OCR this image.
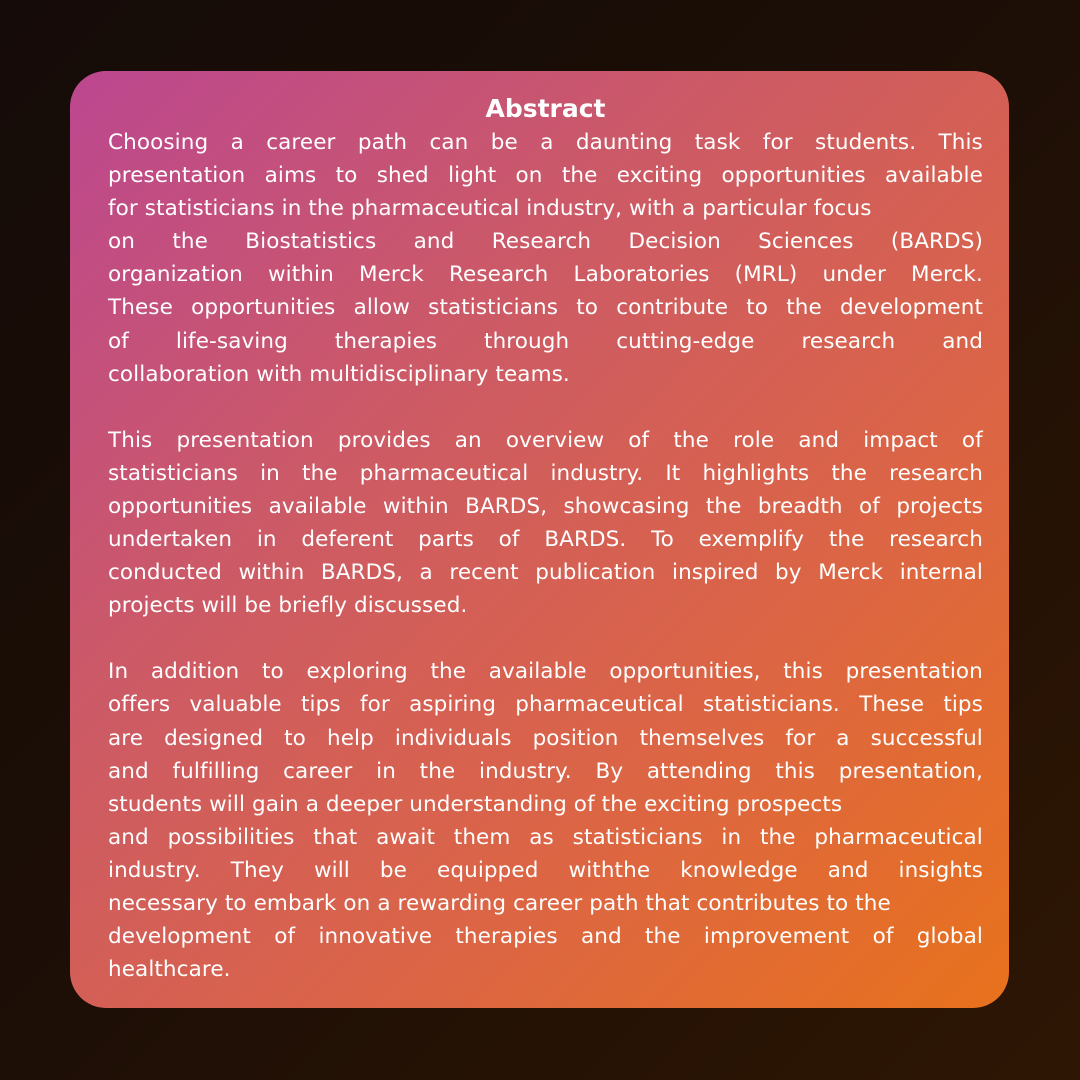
Abstract
Choosing a career path can be a daunting task for students. This
presentation aims to shed light on the exciting opportunities available
for statisticians in the pharmaceutical industry, with a particular focus
on the Biostatistics and Research Decision Sciences (BARDS)
organization within Merck Research Laboratories (MRL) under Merck.
These opportunities allow statisticians to contribute to the development
of life-saving therapies through cutting-edge research and
collaboration with multidisciplinary teams.
This presentation provides an overview of the role and impact of
statisticians in the pharmaceutical industry. It highlights the research
opportunities available within BARDS, showcasing the breadth of projects
undertaken in deferent parts of BARDS. To exemplify the research
conducted within BARDS, a recent publication inspired by Merck internal
projects will be briefly discussed.
In addition to exploring the available opportunities, this presentation
offers valuable tips for aspiring pharmaceutical statisticians. These tips
are designed to help individuals position themselves for a successful
and fulfilling career in the industry. By attending this presentation,
students will gain a deeper understanding of the exciting prospects
and possibilities that await them as statisticians in the pharmaceutical
industry. They will be equipped withthe knowledge and insights
necessary to embark on a rewarding career path that contributes to the
development of innovative therapies and the improvement of global
healthcare.
